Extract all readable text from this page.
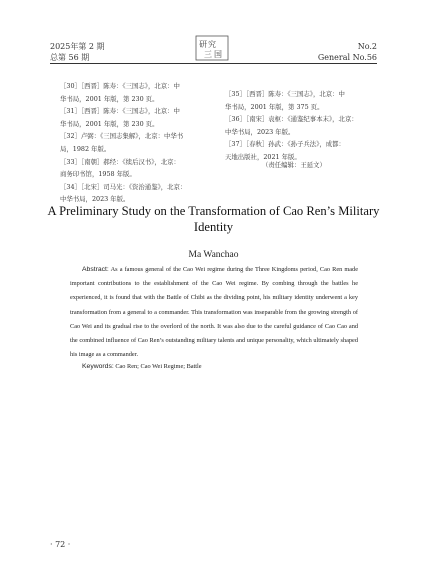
2025年第 2 期
总第 56 期
研 究
三 国
No.2
General No.56

［30］［西晋］陈寿：《三国志》，北京：中
华书局，2001 年版，第 230 页。

［31］［西晋］陈寿：《三国志》，北京：中
华书局，2001 年版，第 230 页。

［32］卢弼：《三国志集解》，北京：中华书
局，1982 年版。

［33］［南朝］郝经：《续后汉书》，北京：
商务印书馆，1958 年版。

［34］［北宋］司马光：《资治通鉴》，北京：
中华书局，2023 年版。

［35］［西晋］陈寿：《三国志》，北京：中
华书局，2001 年版，第 375 页。

［36］［南宋］袁枢：《通鉴纪事本末》，北京：
中华书局，2023 年版。

［37］［春秋］孙武：《孙子兵法》，成都：
天地出版社，2021 年版。

（责任编辑：王延文）
A Preliminary Study on the Transformation of Cao Ren’s Military Identity
Ma Wanchao
Abstract: As a famous general of the Cao Wei regime during the Three Kingdoms period, Cao Ren made important contributions to the establishment of the Cao Wei regime. By combing through the battles he experienced, it is found that with the Battle of Chibi as the dividing point, his military identity underwent a key transformation from a general to a commander. This transformation was inseparable from the growing strength of Cao Wei and its gradual rise to the overlord of the north. It was also due to the careful guidance of Cao Cao and the combined influence of Cao Ren’s outstanding military talents and unique personality, which ultimately shaped his image as a commander.
Keywords: Cao Ren; Cao Wei Regime; Battle
· 72 ·
